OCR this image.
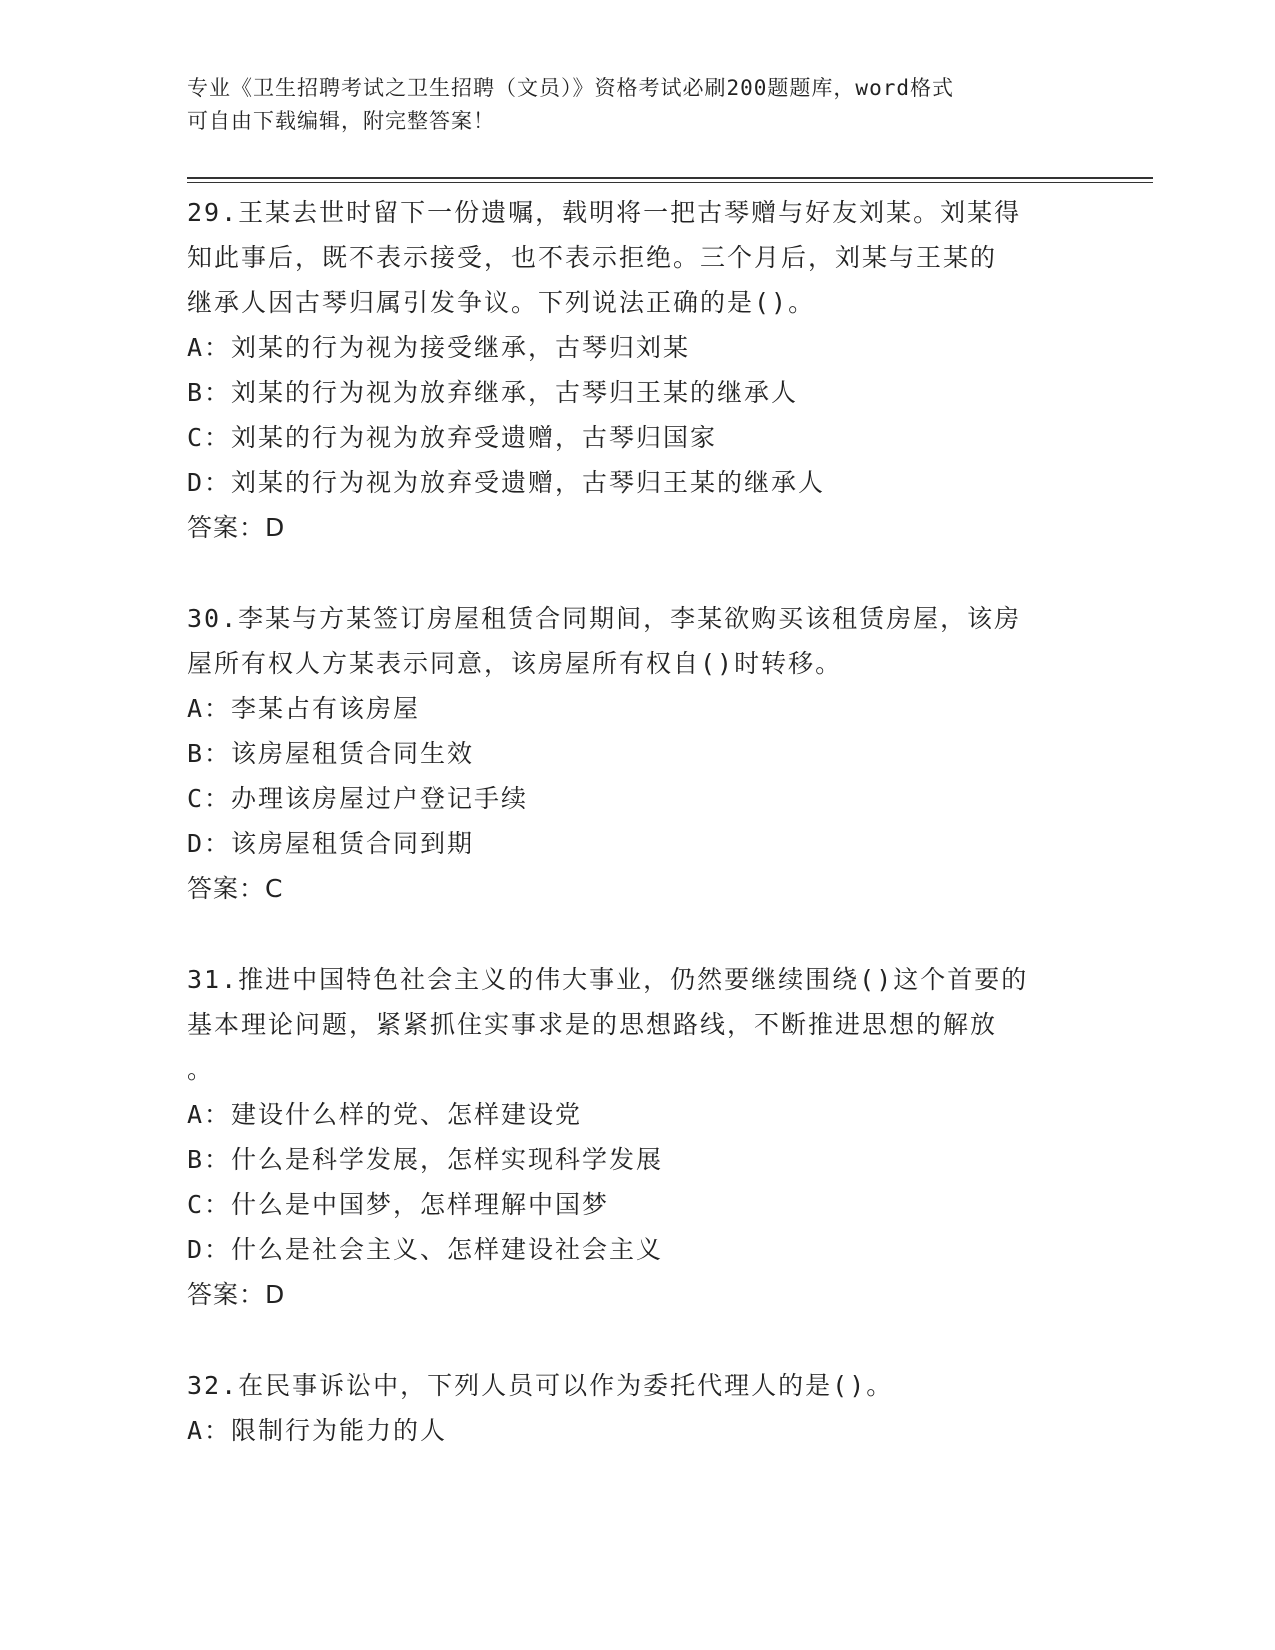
专业《卫生招聘考试之卫生招聘（文员）》资格考试必刷200题题库，word格式
可自由下载编辑，附完整答案！
29.王某去世时留下一份遗嘱，载明将一把古琴赠与好友刘某。刘某得
知此事后，既不表示接受，也不表示拒绝。三个月后，刘某与王某的
继承人因古琴归属引发争议。下列说法正确的是()。
A：刘某的行为视为接受继承，古琴归刘某
B：刘某的行为视为放弃继承，古琴归王某的继承人
C：刘某的行为视为放弃受遗赠，古琴归国家
D：刘某的行为视为放弃受遗赠，古琴归王某的继承人
答案：D
30.李某与方某签订房屋租赁合同期间，李某欲购买该租赁房屋，该房
屋所有权人方某表示同意，该房屋所有权自()时转移。
A：李某占有该房屋
B：该房屋租赁合同生效
C：办理该房屋过户登记手续
D：该房屋租赁合同到期
答案：C
31.推进中国特色社会主义的伟大事业，仍然要继续围绕()这个首要的
基本理论问题，紧紧抓住实事求是的思想路线，不断推进思想的解放
。
A：建设什么样的党、怎样建设党
B：什么是科学发展，怎样实现科学发展
C：什么是中国梦，怎样理解中国梦
D：什么是社会主义、怎样建设社会主义
答案：D
32.在民事诉讼中，下列人员可以作为委托代理人的是()。
A：限制行为能力的人
